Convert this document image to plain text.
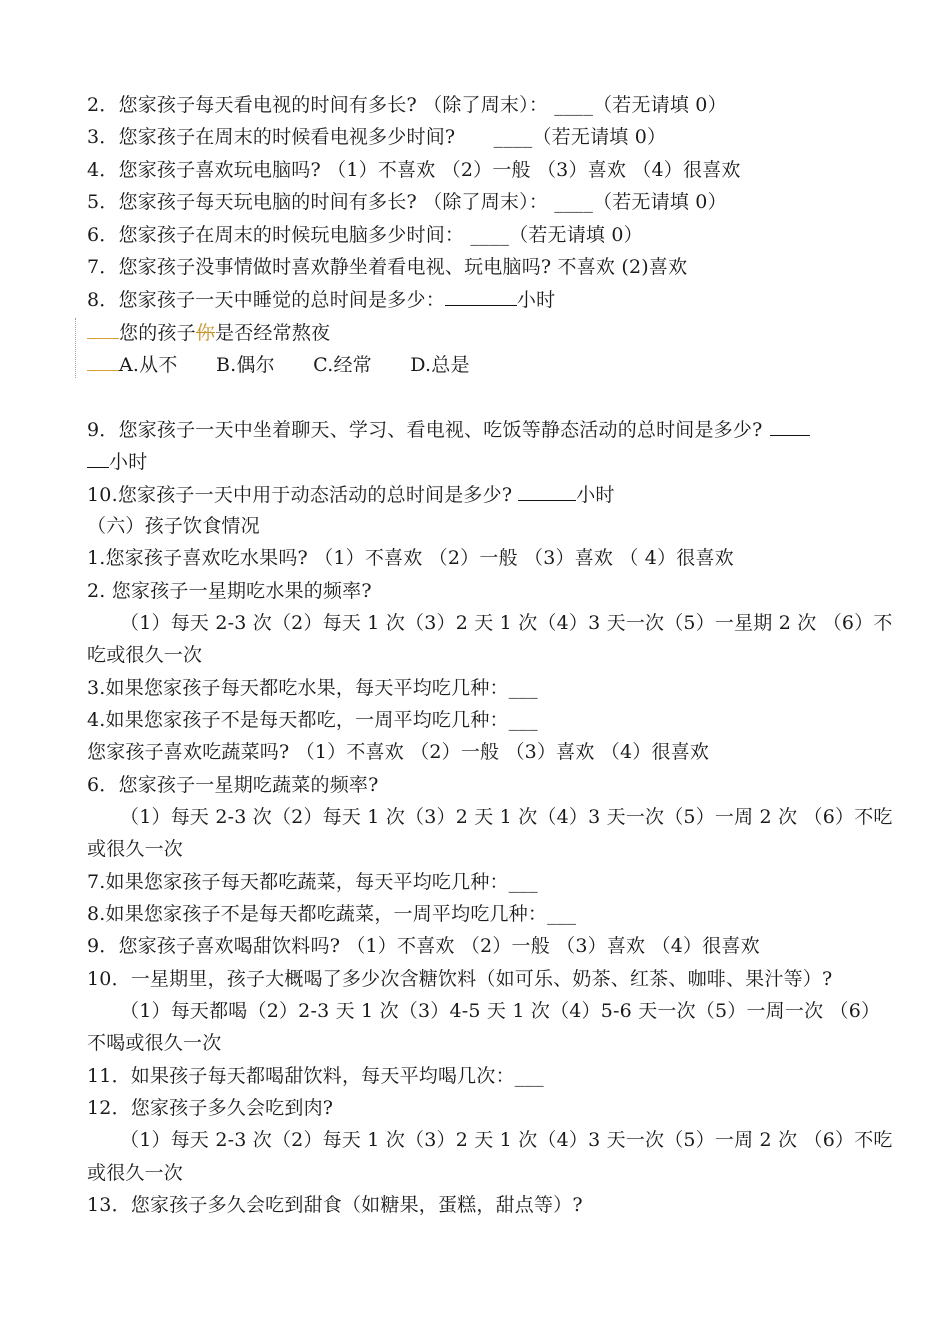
2．您家孩子每天看电视的时间有多长? （除了周末）： ____（若无请填 0）
3．您家孩子在周末的时候看电视多少时间?　　____（若无请填 0）
4．您家孩子喜欢玩电脑吗? （1）不喜欢 （2）一般 （3）喜欢 （4）很喜欢
5．您家孩子每天玩电脑的时间有多长? （除了周末）： ____（若无请填 0）
6．您家孩子在周末的时候玩电脑多少时间： ____（若无请填 0）
7．您家孩子没事情做时喜欢静坐着看电视、玩电脑吗? 不喜欢 (2)喜欢
8．您家孩子一天中睡觉的总时间是多少：	小时
您的孩子你是否经常熬夜
A.从不　　B.偶尔　　C.经常　　D.总是
9．您家孩子一天中坐着聊天、学习、看电视、吃饭等静态活动的总时间是多少?
小时
10.您家孩子一天中用于动态活动的总时间是多少?	小时
（六）孩子饮食情况
1.您家孩子喜欢吃水果吗? （1）不喜欢 （2）一般 （3）喜欢 （ 4）很喜欢
2. 您家孩子一星期吃水果的频率?
（1）每天 2-3 次（2）每天 1 次（3）2 天 1 次（4）3 天一次（5）一星期 2 次 （6）不
吃或很久一次
3.如果您家孩子每天都吃水果，每天平均吃几种：___
4.如果您家孩子不是每天都吃，一周平均吃几种：___
您家孩子喜欢吃蔬菜吗? （1）不喜欢 （2）一般 （3）喜欢 （4）很喜欢
6．您家孩子一星期吃蔬菜的频率?
（1）每天 2-3 次（2）每天 1 次（3）2 天 1 次（4）3 天一次（5）一周 2 次 （6）不吃
或很久一次
7.如果您家孩子每天都吃蔬菜，每天平均吃几种：___
8.如果您家孩子不是每天都吃蔬菜，一周平均吃几种：___
9．您家孩子喜欢喝甜饮料吗? （1）不喜欢 （2）一般 （3）喜欢 （4）很喜欢
10．一星期里，孩子大概喝了多少次含糖饮料（如可乐、奶茶、红茶、咖啡、果汁等）?
（1）每天都喝（2）2-3 天 1 次（3）4-5 天 1 次（4）5-6 天一次（5）一周一次 （6）
不喝或很久一次
11．如果孩子每天都喝甜饮料，每天平均喝几次：___
12．您家孩子多久会吃到肉?
（1）每天 2-3 次（2）每天 1 次（3）2 天 1 次（4）3 天一次（5）一周 2 次 （6）不吃
或很久一次
13．您家孩子多久会吃到甜食（如糖果，蛋糕，甜点等）?
